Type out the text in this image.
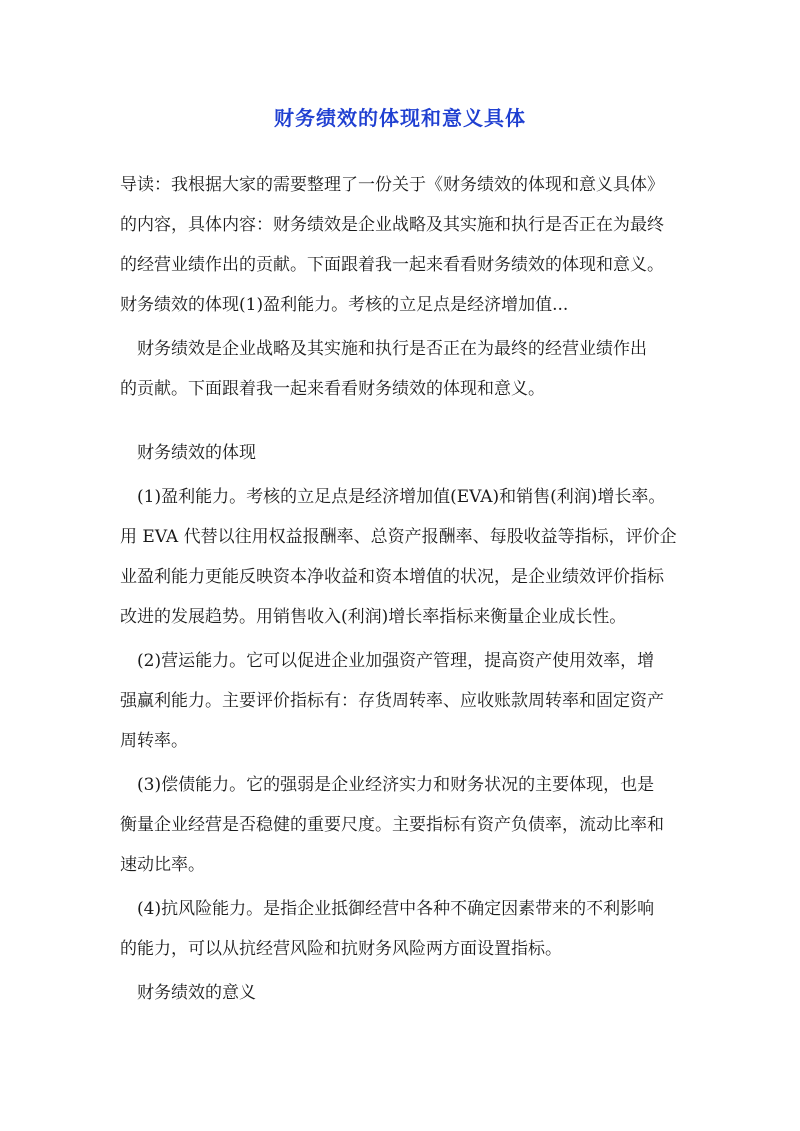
财务绩效的体现和意义具体
导读：我根据大家的需要整理了一份关于《财务绩效的体现和意义具体》
的内容，具体内容：财务绩效是企业战略及其实施和执行是否正在为最终
的经营业绩作出的贡献。下面跟着我一起来看看财务绩效的体现和意义。
财务绩效的体现(1)盈利能力。考核的立足点是经济增加值...
财务绩效是企业战略及其实施和执行是否正在为最终的经营业绩作出
的贡献。下面跟着我一起来看看财务绩效的体现和意义。
财务绩效的体现
(1)盈利能力。考核的立足点是经济增加值(EVA)和销售(利润)增长率。
用 EVA 代替以往用权益报酬率、总资产报酬率、每股收益等指标，评价企
业盈利能力更能反映资本净收益和资本增值的状况，是企业绩效评价指标
改进的发展趋势。用销售收入(利润)增长率指标来衡量企业成长性。
(2)营运能力。它可以促进企业加强资产管理，提高资产使用效率，增
强赢利能力。主要评价指标有：存货周转率、应收账款周转率和固定资产
周转率。
(3)偿债能力。它的强弱是企业经济实力和财务状况的主要体现，也是
衡量企业经营是否稳健的重要尺度。主要指标有资产负债率，流动比率和
速动比率。
(4)抗风险能力。是指企业抵御经营中各种不确定因素带来的不利影响
的能力，可以从抗经营风险和抗财务风险两方面设置指标。
财务绩效的意义
